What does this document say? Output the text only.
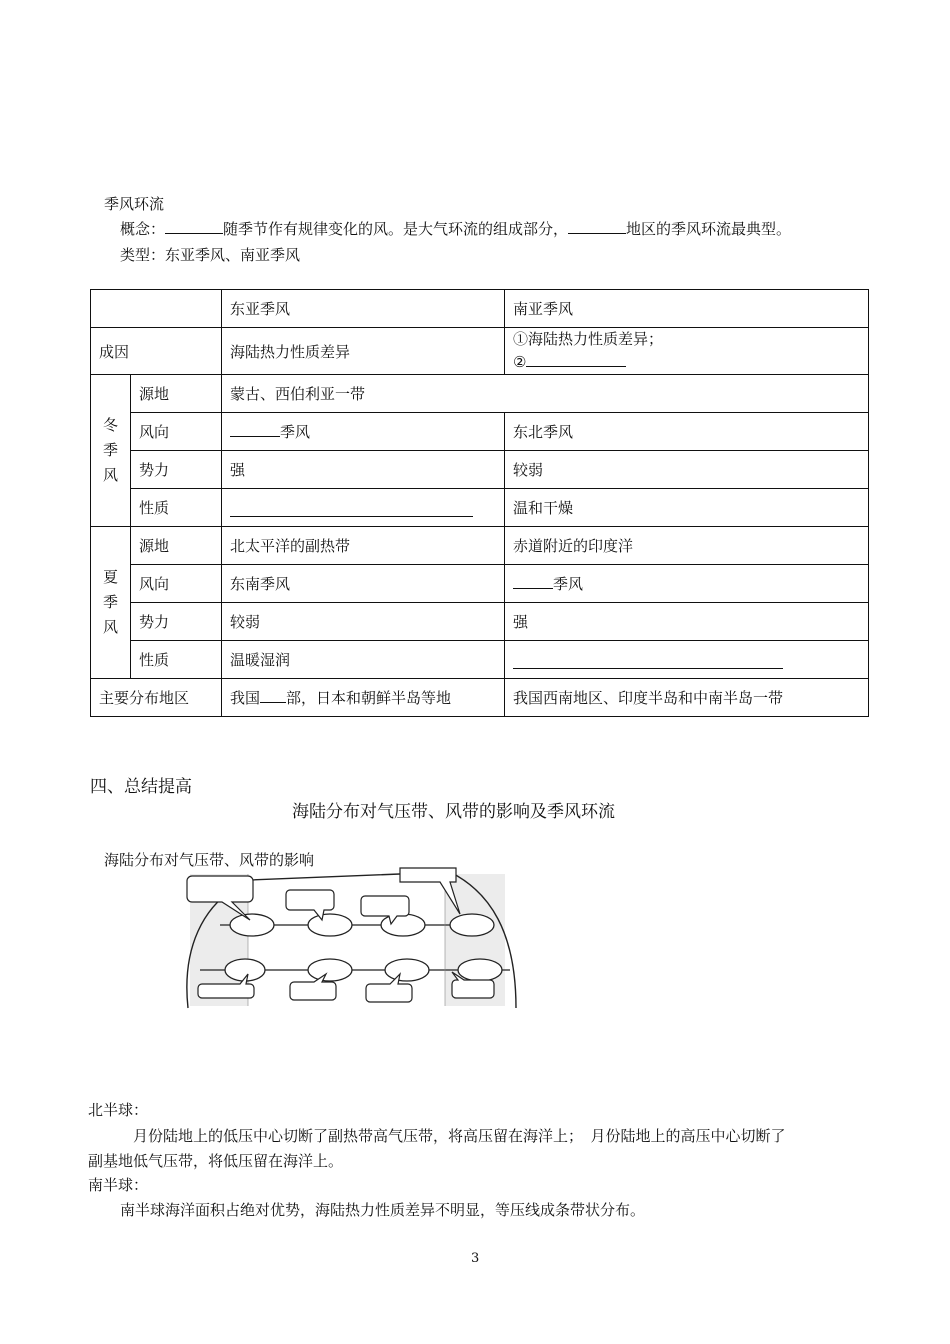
季风环流
概念：	随季节作有规律变化的风。是大气环流的组成部分，	地区的季风环流最典型。
类型：东亚季风、南亚季风
		东亚季风	南亚季风
成因		海陆热力性质差异	①海陆热力性质差异；
②

冬
季
风	源地	蒙古、西伯利亚一带	
	风向	季风	东北季风
	势力	强	较弱
	性质		温和干燥

夏
季
风	源地	北太平洋的副热带	赤道附近的印度洋
	风向	东南季风	季风
	势力	较弱	强
	性质	温暖湿润	

主要分布地区		我国 部，日本和朝鲜半岛等地	我国西南地区、印度半岛和中南半岛一带
四、总结提高
海陆分布对气压带、风带的影响及季风环流
海陆分布对气压带、风带的影响
北半球：
月份陆地上的低压中心切断了副热带高气压带，将高压留在海洋上；　月份陆地上的高压中心切断了
副基地低气压带，将低压留在海洋上。
南半球：
南半球海洋面积占绝对优势，海陆热力性质差异不明显，等压线成条带状分布。
3
